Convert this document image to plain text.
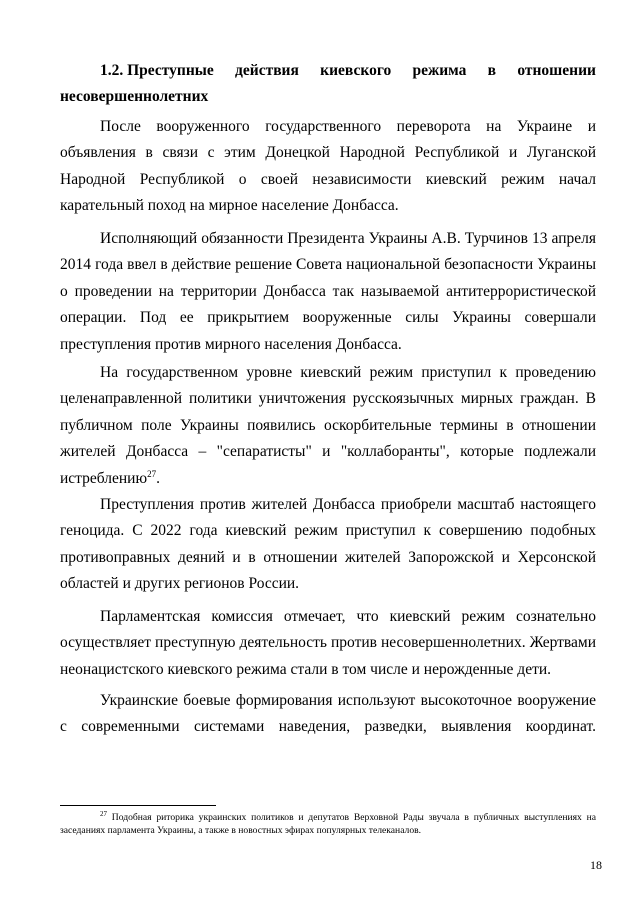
1.2. Преступные действия киевского режима в отношении
несовершеннолетних

После вооруженного государственного переворота на Украине и объявления в связи с этим Донецкой Народной Республикой и Луганской Народной Республикой о своей независимости киевский режим начал карательный поход на мирное население Донбасса.

Исполняющий обязанности Президента Украины А.В. Турчинов 13 апреля 2014 года ввел в действие решение Совета национальной безопасности Украины о проведении на территории Донбасса так называемой антитеррористической операции. Под ее прикрытием вооруженные силы Украины совершали преступления против мирного населения Донбасса.

На государственном уровне киевский режим приступил к проведению целенаправленной политики уничтожения русскоязычных мирных граждан. В публичном поле Украины появились оскорбительные термины в отношении жителей Донбасса – "сепаратисты" и "коллаборанты", которые подлежали истреблению$^{27}$.

Преступления против жителей Донбасса приобрели масштаб настоящего геноцида. С 2022 года киевский режим приступил к совершению подобных противоправных деяний и в отношении жителей Запорожской и Херсонской областей и других регионов России.

Парламентская комиссия отмечает, что киевский режим сознательно осуществляет преступную деятельность против несовершеннолетних. Жертвами неонацистского киевского режима стали в том числе и нерожденные дети.

Украинские боевые формирования используют высокоточное вооружение с современными системами наведения, разведки, выявления координат.

$^{27}$ Подобная риторика украинских политиков и депутатов Верховной Рады звучала в публичных выступлениях на заседаниях парламента Украины, а также в новостных эфирах популярных телеканалов.

18
